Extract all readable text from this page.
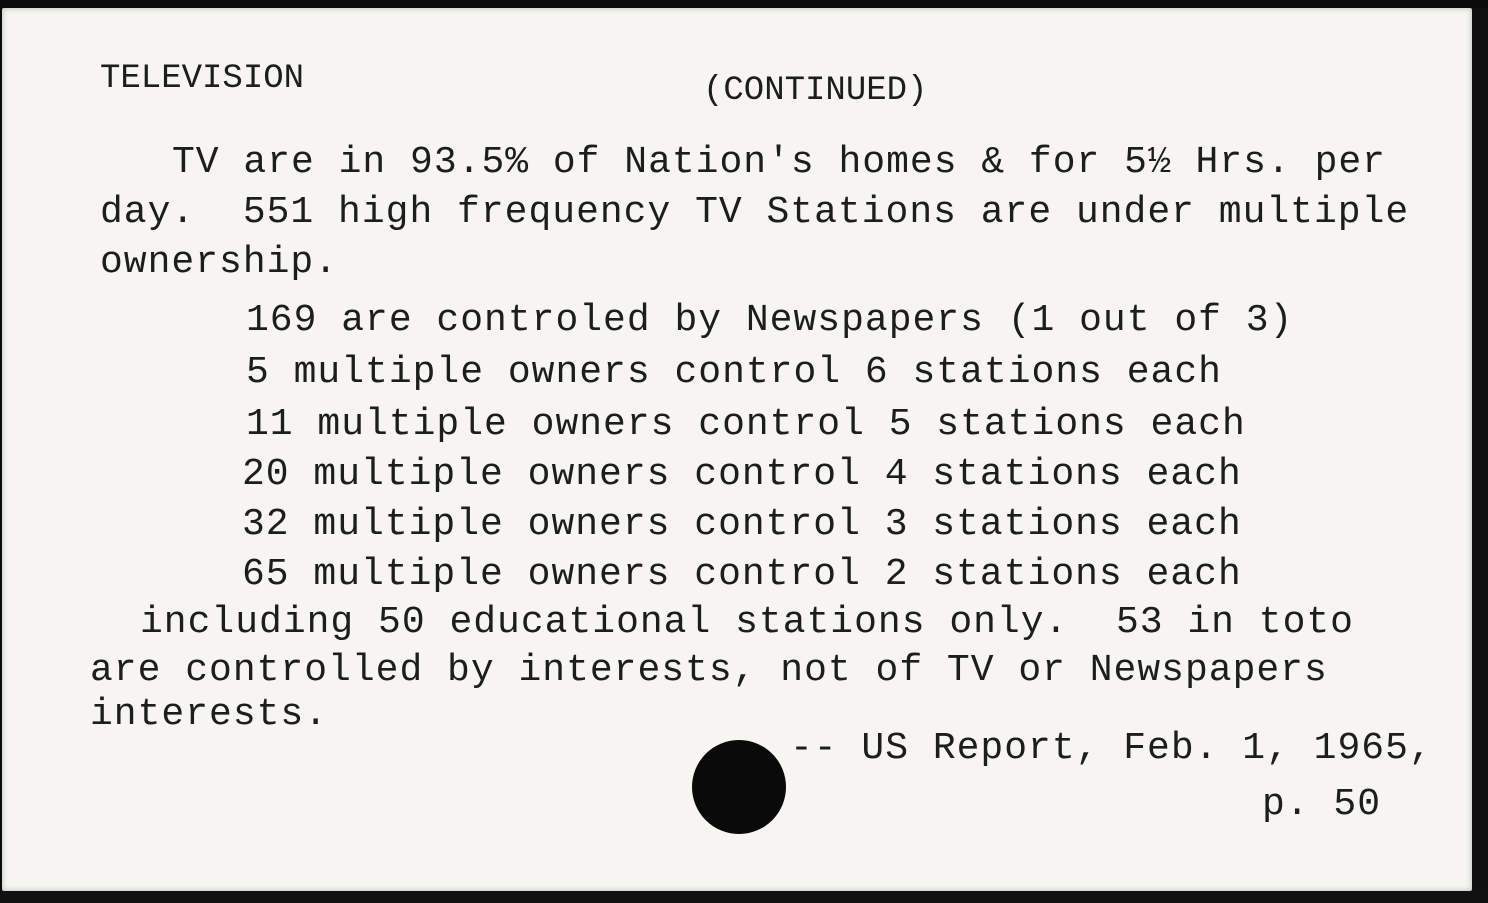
TELEVISION	(CONTINUED)
TV are in 93.5% of Nation's homes & for 5½ Hrs. per
day.  551 high frequency TV Stations are under multiple
ownership.
169 are controled by Newspapers (1 out of 3)
5 multiple owners control 6 stations each
11 multiple owners control 5 stations each
20 multiple owners control 4 stations each
32 multiple owners control 3 stations each
65 multiple owners control 2 stations each
including 50 educational stations only.  53 in toto
are controlled by interests, not of TV or Newspapers
interests.
-- US Report, Feb. 1, 1965,
p. 50
